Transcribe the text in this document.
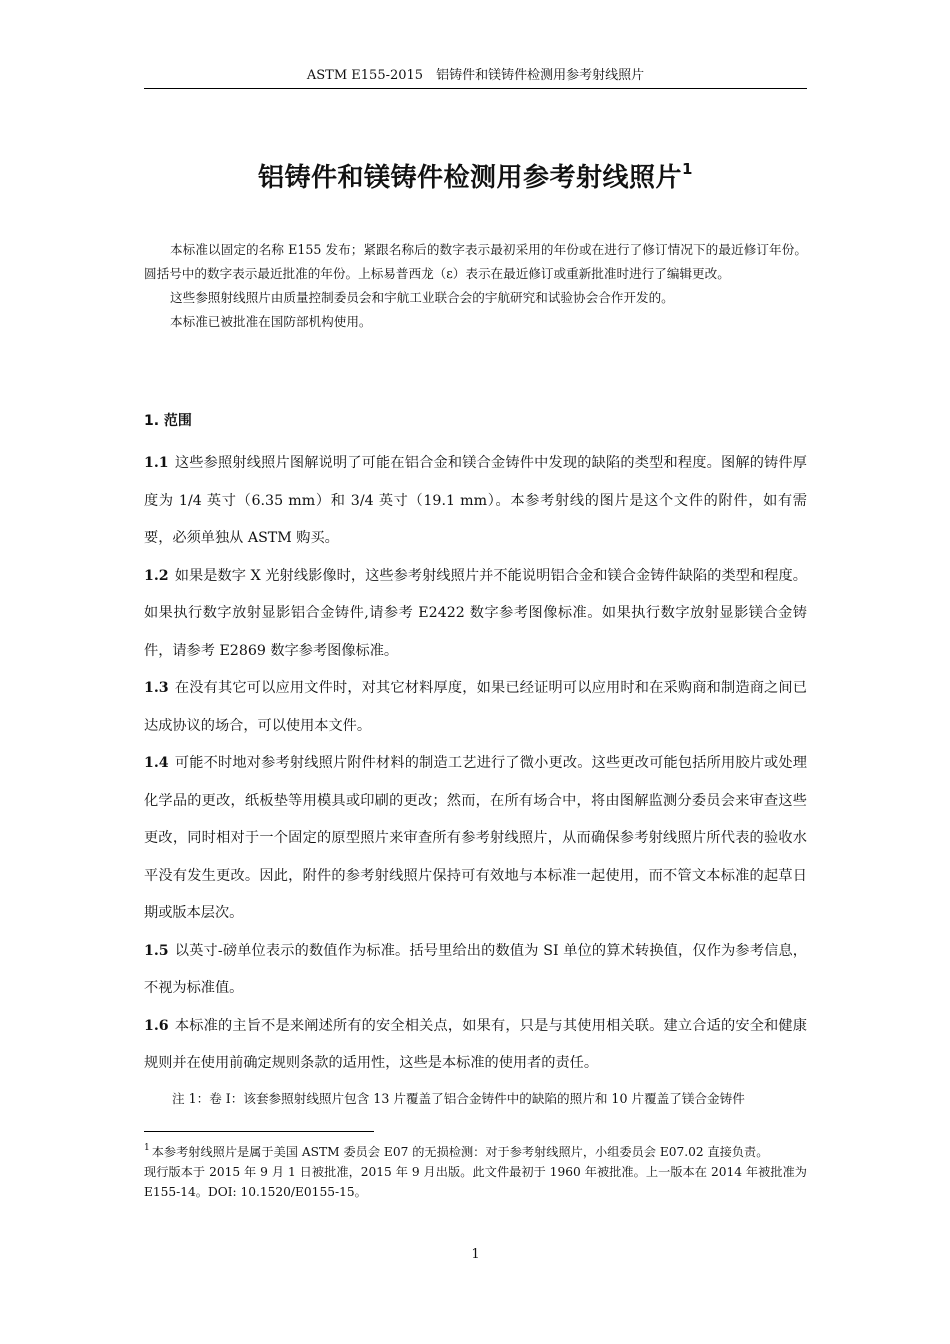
ASTM E155-2015　铝铸件和镁铸件检测用参考射线照片
铝铸件和镁铸件检测用参考射线照片$^1$

本标准以固定的名称 E155 发布；紧跟名称后的数字表示最初采用的年份或在进行了修订情况下的最近修订年份。圆括号中的数字表示最近批准的年份。上标易普西龙（ε）表示在最近修订或重新批准时进行了编辑更改。

这些参照射线照片由质量控制委员会和宇航工业联合会的宇航研究和试验协会合作开发的。

本标准已被批准在国防部机构使用。

1. 范围

1.1 这些参照射线照片图解说明了可能在铝合金和镁合金铸件中发现的缺陷的类型和程度。图解的铸件厚度为 1/4 英寸（6.35 mm）和 3/4 英寸（19.1 mm）。本参考射线的图片是这个文件的附件，如有需要，必须单独从 ASTM 购买。

1.2 如果是数字 X 光射线影像时，这些参考射线照片并不能说明铝合金和镁合金铸件缺陷的类型和程度。如果执行数字放射显影铝合金铸件,请参考 E2422 数字参考图像标准。如果执行数字放射显影镁合金铸件，请参考 E2869 数字参考图像标准。

1.3 在没有其它可以应用文件时，对其它材料厚度，如果已经证明可以应用时和在采购商和制造商之间已达成协议的场合，可以使用本文件。

1.4 可能不时地对参考射线照片附件材料的制造工艺进行了微小更改。这些更改可能包括所用胶片或处理化学品的更改，纸板垫等用模具或印刷的更改；然而，在所有场合中，将由图解监测分委员会来审查这些更改，同时相对于一个固定的原型照片来审查所有参考射线照片，从而确保参考射线照片所代表的验收水平没有发生更改。因此，附件的参考射线照片保持可有效地与本标准一起使用，而不管文本标准的起草日期或版本层次。

1.5 以英寸-磅单位表示的数值作为标准。括号里给出的数值为 SI 单位的算术转换值，仅作为参考信息，不视为标准值。

1.6 本标准的主旨不是来阐述所有的安全相关点，如果有，只是与其使用相关联。建立合适的安全和健康规则并在使用前确定规则条款的适用性，这些是本标准的使用者的责任。

注 1：卷 I：该套参照射线照片包含 13 片覆盖了铝合金铸件中的缺陷的照片和 10 片覆盖了镁合金铸件

$^1$ 本参考射线照片是属于美国 ASTM 委员会 E07 的无损检测：对于参考射线照片，小组委员会 E07.02 直接负责。

现行版本于 2015 年 9 月 1 日被批准，2015 年 9 月出版。此文件最初于 1960 年被批准。上一版本在 2014 年被批准为 E155-14。DOI: 10.1520/E0155-15。

1
